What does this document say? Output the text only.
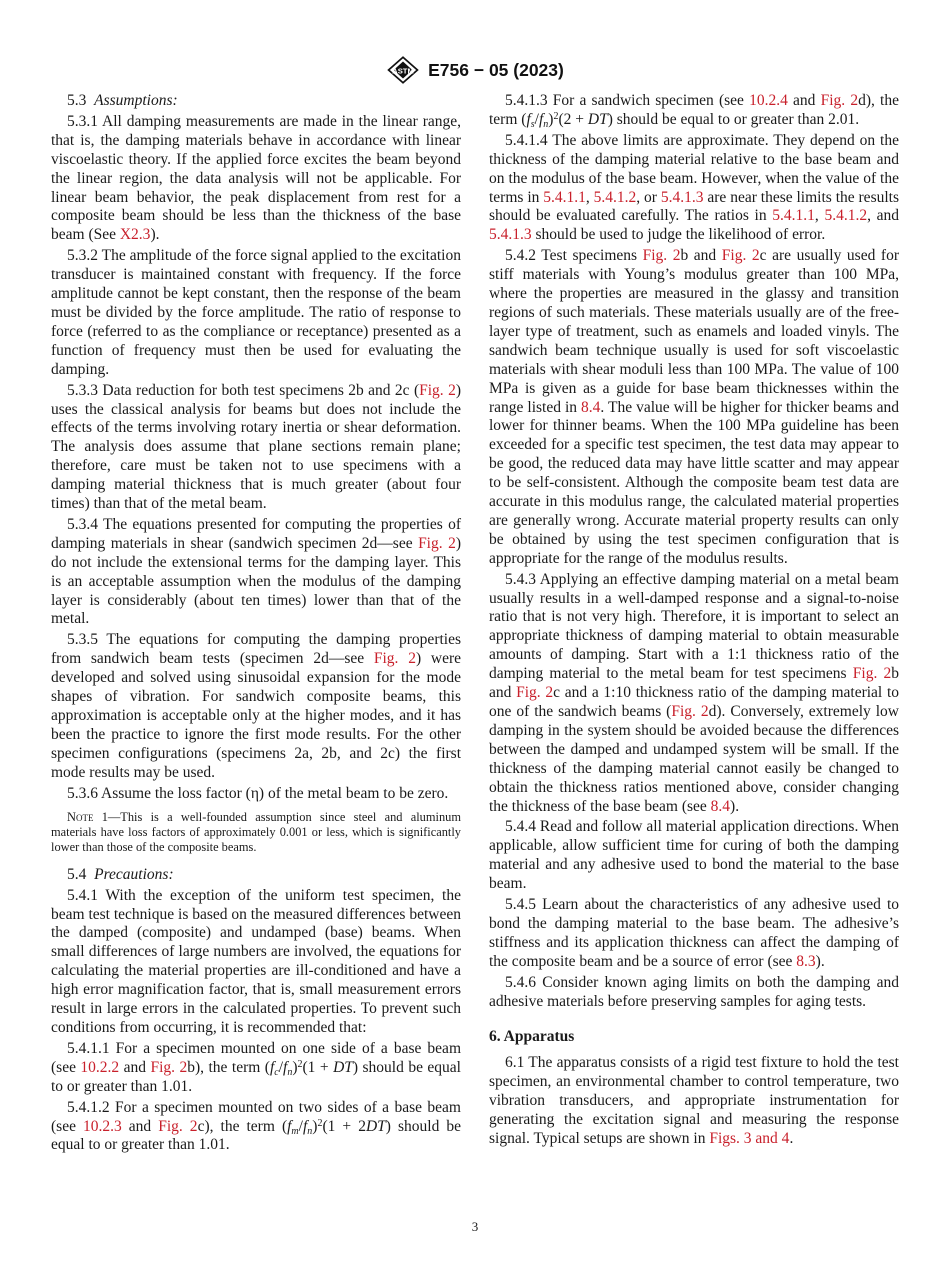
ASTM E756 − 05 (2023)

5.3 Assumptions:

5.3.1 All damping measurements are made in the linear range, that is, the damping materials behave in accordance with linear viscoelastic theory. If the applied force excites the beam beyond the linear region, the data analysis will not be applicable. For linear beam behavior, the peak displacement from rest for a composite beam should be less than the thickness of the base beam (See X2.3).

5.3.2 The amplitude of the force signal applied to the excitation transducer is maintained constant with frequency. If the force amplitude cannot be kept constant, then the response of the beam must be divided by the force amplitude. The ratio of response to force (referred to as the compliance or receptance) presented as a function of frequency must then be used for evaluating the damping.

5.3.3 Data reduction for both test specimens 2b and 2c (Fig. 2) uses the classical analysis for beams but does not include the effects of the terms involving rotary inertia or shear deformation. The analysis does assume that plane sections remain plane; therefore, care must be taken not to use specimens with a damping material thickness that is much greater (about four times) than that of the metal beam.

5.3.4 The equations presented for computing the properties of damping materials in shear (sandwich specimen 2d—see Fig. 2) do not include the extensional terms for the damping layer. This is an acceptable assumption when the modulus of the damping layer is considerably (about ten times) lower than that of the metal.

5.3.5 The equations for computing the damping properties from sandwich beam tests (specimen 2d—see Fig. 2) were developed and solved using sinusoidal expansion for the mode shapes of vibration. For sandwich composite beams, this approximation is acceptable only at the higher modes, and it has been the practice to ignore the first mode results. For the other specimen configurations (specimens 2a, 2b, and 2c) the first mode results may be used.

5.3.6 Assume the loss factor (η) of the metal beam to be zero.

Note 1—This is a well-founded assumption since steel and aluminum materials have loss factors of approximately 0.001 or less, which is significantly lower than those of the composite beams.

5.4 Precautions:

5.4.1 With the exception of the uniform test specimen, the beam test technique is based on the measured differences between the damped (composite) and undamped (base) beams. When small differences of large numbers are involved, the equations for calculating the material properties are ill-conditioned and have a high error magnification factor, that is, small measurement errors result in large errors in the calculated properties. To prevent such conditions from occurring, it is recommended that:

5.4.1.1 For a specimen mounted on one side of a base beam (see 10.2.2 and Fig. 2b), the term $(f_c/f_n)^2(1 + DT)$ should be equal to or greater than 1.01.

5.4.1.2 For a specimen mounted on two sides of a base beam (see 10.2.3 and Fig. 2c), the term $(f_m/f_n)^2(1 + 2DT)$ should be equal to or greater than 1.01.

5.4.1.3 For a sandwich specimen (see 10.2.4 and Fig. 2d), the term $(f_s/f_n)^2(2 + DT)$ should be equal to or greater than 2.01.

5.4.1.4 The above limits are approximate. They depend on the thickness of the damping material relative to the base beam and on the modulus of the base beam. However, when the value of the terms in 5.4.1.1, 5.4.1.2, or 5.4.1.3 are near these limits the results should be evaluated carefully. The ratios in 5.4.1.1, 5.4.1.2, and 5.4.1.3 should be used to judge the likelihood of error.

5.4.2 Test specimens Fig. 2b and Fig. 2c are usually used for stiff materials with Young’s modulus greater than 100 MPa, where the properties are measured in the glassy and transition regions of such materials. These materials usually are of the free-layer type of treatment, such as enamels and loaded vinyls. The sandwich beam technique usually is used for soft viscoelastic materials with shear moduli less than 100 MPa. The value of 100 MPa is given as a guide for base beam thicknesses within the range listed in 8.4. The value will be higher for thicker beams and lower for thinner beams. When the 100 MPa guideline has been exceeded for a specific test specimen, the test data may appear to be good, the reduced data may have little scatter and may appear to be self-consistent. Although the composite beam test data are accurate in this modulus range, the calculated material properties are generally wrong. Accurate material property results can only be obtained by using the test specimen configuration that is appropriate for the range of the modulus results.

5.4.3 Applying an effective damping material on a metal beam usually results in a well-damped response and a signal-to-noise ratio that is not very high. Therefore, it is important to select an appropriate thickness of damping material to obtain measurable amounts of damping. Start with a 1:1 thickness ratio of the damping material to the metal beam for test specimens Fig. 2b and Fig. 2c and a 1:10 thickness ratio of the damping material to one of the sandwich beams (Fig. 2d). Conversely, extremely low damping in the system should be avoided because the differences between the damped and undamped system will be small. If the thickness of the damping material cannot easily be changed to obtain the thickness ratios mentioned above, consider changing the thickness of the base beam (see 8.4).

5.4.4 Read and follow all material application directions. When applicable, allow sufficient time for curing of both the damping material and any adhesive used to bond the material to the base beam.

5.4.5 Learn about the characteristics of any adhesive used to bond the damping material to the base beam. The adhesive’s stiffness and its application thickness can affect the damping of the composite beam and be a source of error (see 8.3).

5.4.6 Consider known aging limits on both the damping and adhesive materials before preserving samples for aging tests.

6. Apparatus

6.1 The apparatus consists of a rigid test fixture to hold the test specimen, an environmental chamber to control temperature, two vibration transducers, and appropriate instrumentation for generating the excitation signal and measuring the response signal. Typical setups are shown in Figs. 3 and 4.

3
